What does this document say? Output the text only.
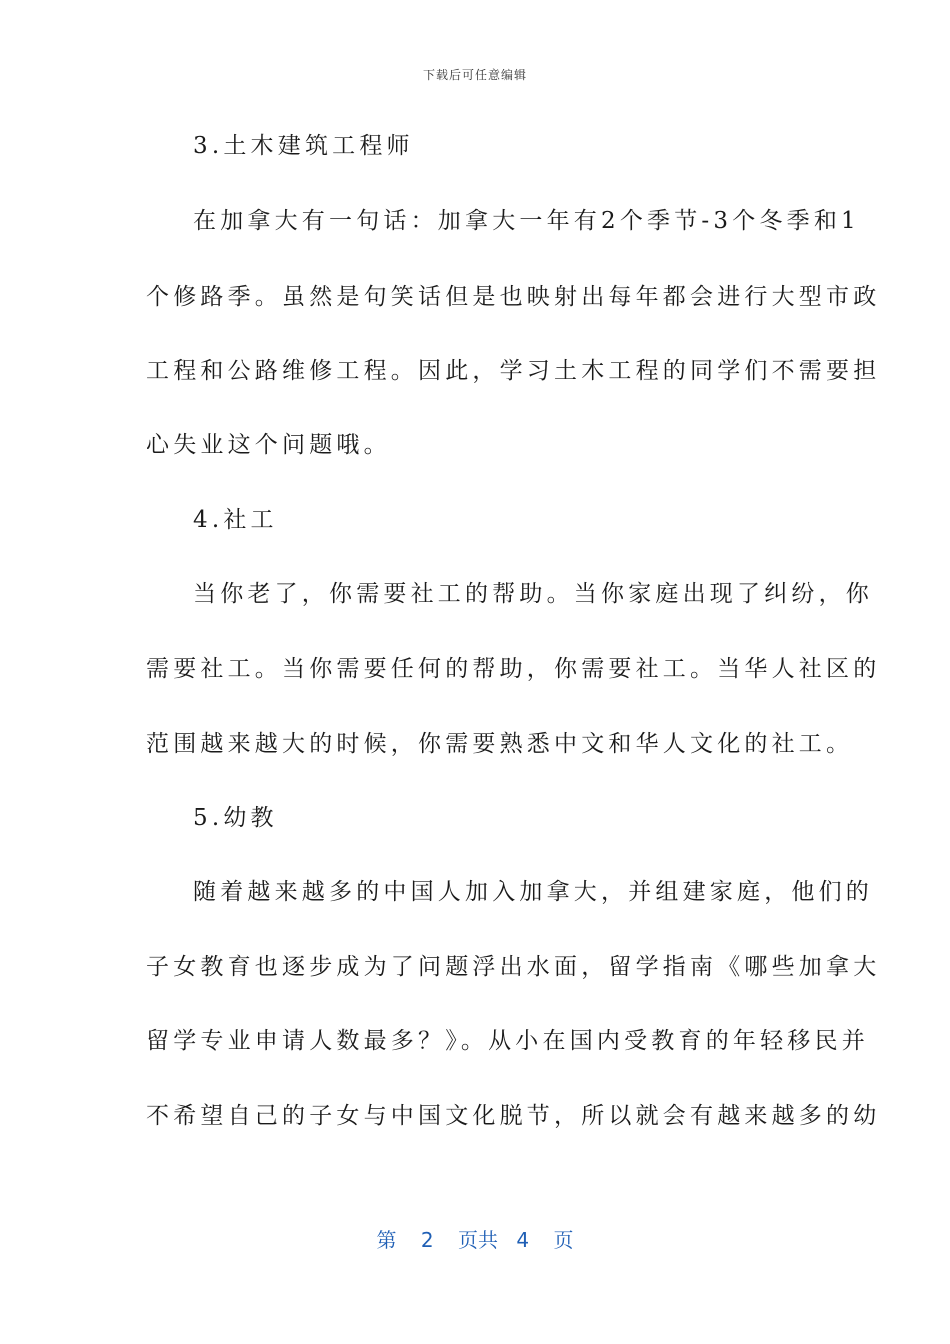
下载后可任意编辑
3.土木建筑工程师
在加拿大有一句话：加拿大一年有2个季节-3个冬季和1
个修路季。虽然是句笑话但是也映射出每年都会进行大型市政
工程和公路维修工程。因此，学习土木工程的同学们不需要担
心失业这个问题哦。
4.社工
当你老了，你需要社工的帮助。当你家庭出现了纠纷，你
需要社工。当你需要任何的帮助，你需要社工。当华人社区的
范围越来越大的时候，你需要熟悉中文和华人文化的社工。
5.幼教
随着越来越多的中国人加入加拿大，并组建家庭，他们的
子女教育也逐步成为了问题浮出水面，留学指南《哪些加拿大
留学专业申请人数最多？》。从小在国内受教育的年轻移民并
不希望自己的子女与中国文化脱节，所以就会有越来越多的幼
第 2 页共 4 页
